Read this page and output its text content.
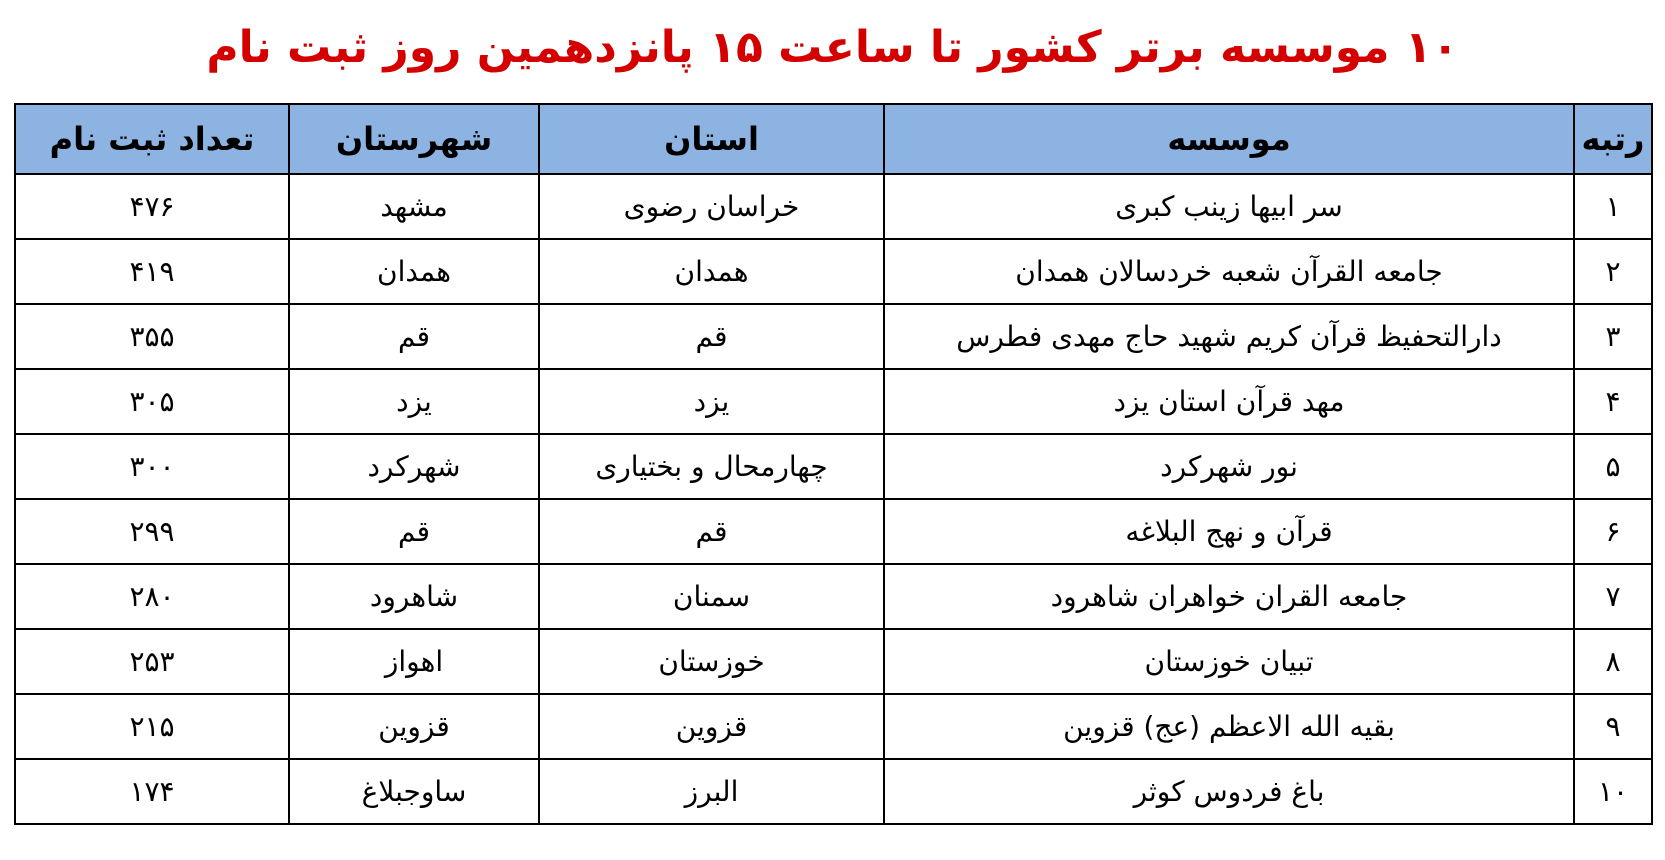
۱۰ موسسه برتر کشور تا ساعت ۱۵ پانزدهمین روز ثبت نام
رتبه	موسسه	استان	شهرستان	تعداد ثبت نام
۱	سر ابیها زینب کبری	خراسان رضوی	مشهد	۴۷۶
۲	جامعه القرآن شعبه خردسالان همدان	همدان	همدان	۴۱۹
۳	دارالتحفیظ قرآن کریم شهید حاج مهدی فطرس	قم	قم	۳۵۵
۴	مهد قرآن استان یزد	یزد	یزد	۳۰۵
۵	نور شهرکرد	چهارمحال و بختیاری	شهرکرد	۳۰۰
۶	قرآن و نهج البلاغه	قم	قم	۲۹۹
۷	جامعه القران خواهران شاهرود	سمنان	شاهرود	۲۸۰
۸	تبیان خوزستان	خوزستان	اهواز	۲۵۳
۹	بقیه الله الاعظم (عج) قزوین	قزوین	قزوین	۲۱۵
۱۰	باغ فردوس کوثر	البرز	ساوجبلاغ	۱۷۴
